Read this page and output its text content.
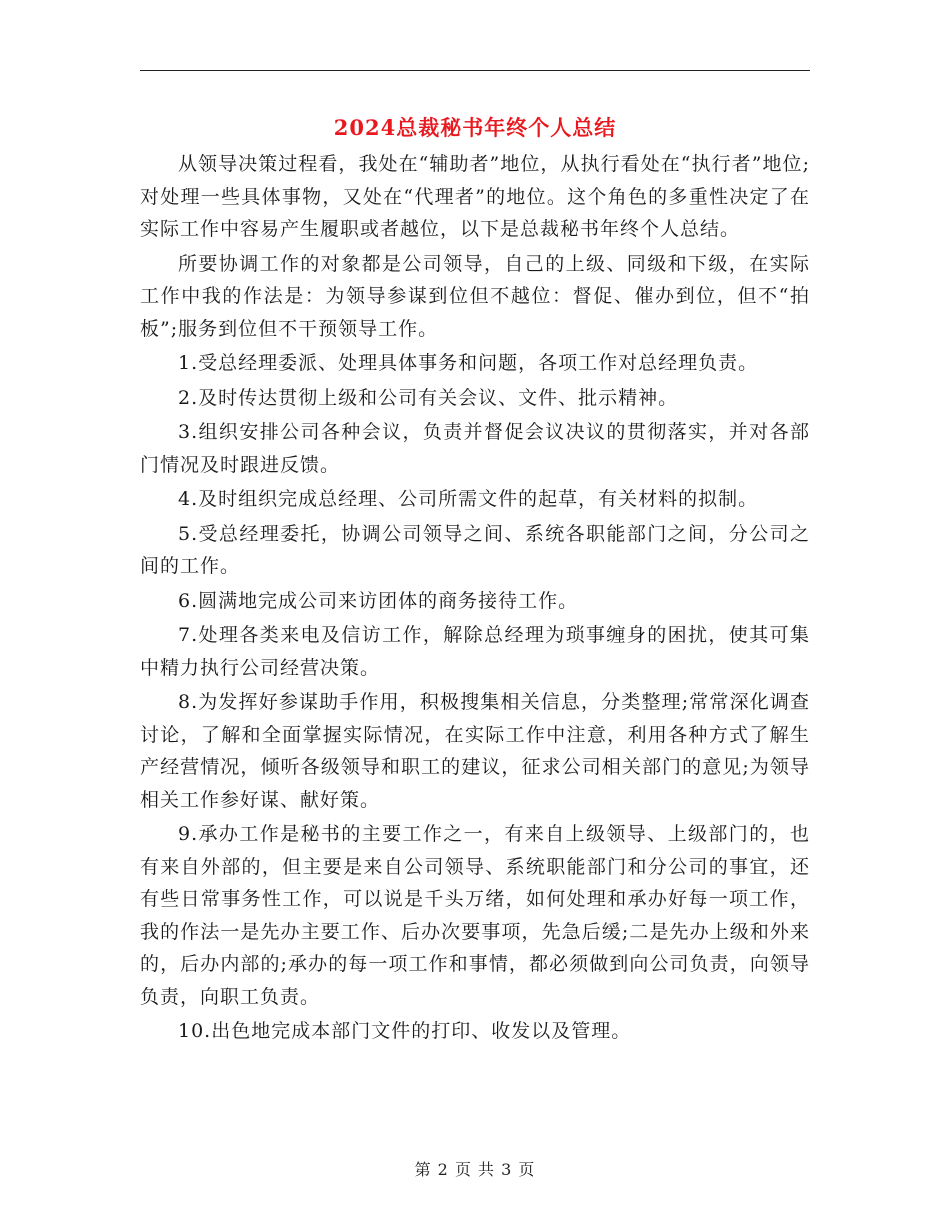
2024总裁秘书年终个人总结

从领导决策过程看，我处在“辅助者”地位，从执行看处在“执行者”地位;对处理一些具体事物，又处在“代理者”的地位。这个角色的多重性决定了在实际工作中容易产生履职或者越位，以下是总裁秘书年终个人总结。

所要协调工作的对象都是公司领导，自己的上级、同级和下级，在实际工作中我的作法是：为领导参谋到位但不越位：督促、催办到位，但不“拍板”;服务到位但不干预领导工作。

1.受总经理委派、处理具体事务和问题，各项工作对总经理负责。

2.及时传达贯彻上级和公司有关会议、文件、批示精神。

3.组织安排公司各种会议，负责并督促会议决议的贯彻落实，并对各部门情况及时跟进反馈。

4.及时组织完成总经理、公司所需文件的起草，有关材料的拟制。

5.受总经理委托，协调公司领导之间、系统各职能部门之间，分公司之间的工作。

6.圆满地完成公司来访团体的商务接待工作。

7.处理各类来电及信访工作，解除总经理为琐事缠身的困扰，使其可集中精力执行公司经营决策。

8.为发挥好参谋助手作用，积极搜集相关信息，分类整理;常常深化调查讨论，了解和全面掌握实际情况，在实际工作中注意，利用各种方式了解生产经营情况，倾听各级领导和职工的建议，征求公司相关部门的意见;为领导相关工作参好谋、献好策。

9.承办工作是秘书的主要工作之一，有来自上级领导、上级部门的，也有来自外部的，但主要是来自公司领导、系统职能部门和分公司的事宜，还有些日常事务性工作，可以说是千头万绪，如何处理和承办好每一项工作，我的作法一是先办主要工作、后办次要事项，先急后缓;二是先办上级和外来的，后办内部的;承办的每一项工作和事情，都必须做到向公司负责，向领导负责，向职工负责。

10.出色地完成本部门文件的打印、收发以及管理。

第 2 页 共 3 页
